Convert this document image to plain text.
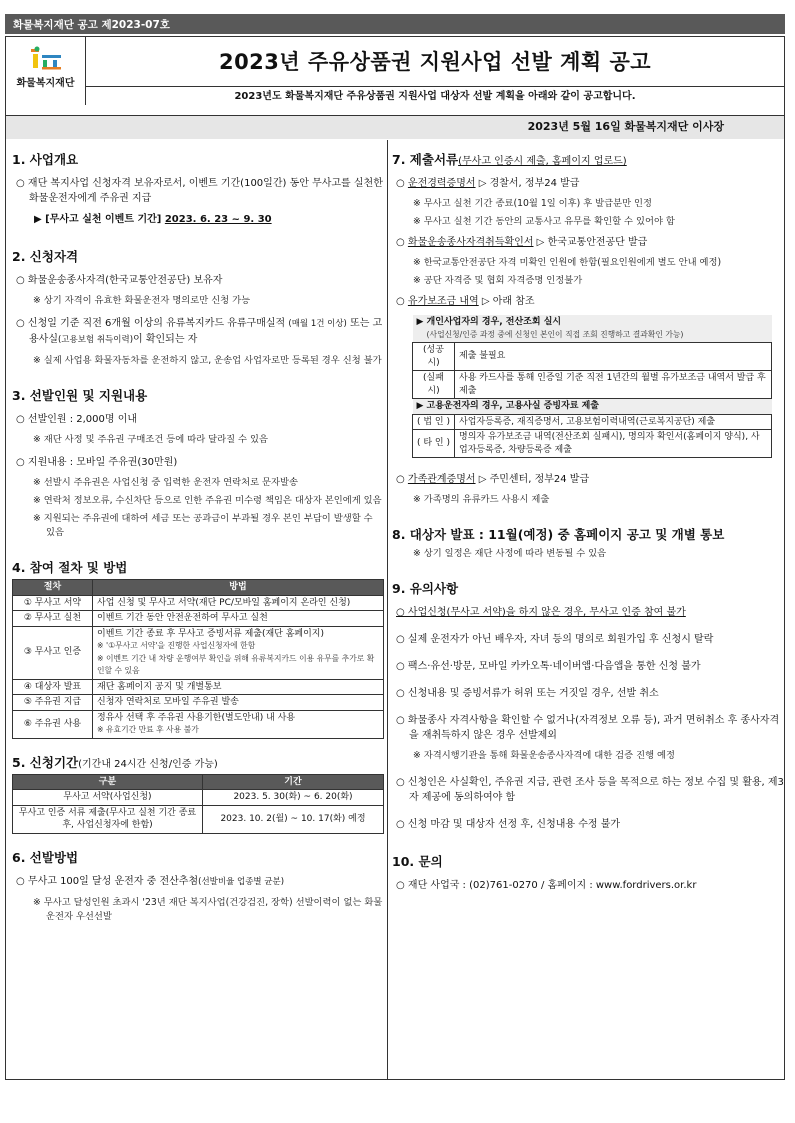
화물복지재단 공고 제2023-07호
화물복지재단
2023년 주유상품권 지원사업 선발 계획 공고
2023년도 화물복지재단 주유상품권 지원사업 대상자 선발 계획을 아래와 같이 공고합니다.
2023년 5월 16일 화물복지재단 이사장
1. 사업개요
○ 재단 복지사업 신청자격 보유자로서, 이벤트 기간(100일간) 동안 무사고를 실천한 화물운전자에게 주유권 지급
▶ [무사고 실천 이벤트 기간] 2023. 6. 23 ~ 9. 30
2. 신청자격
○ 화물운송종사자격(한국교통안전공단) 보유자
※ 상기 자격이 유효한 화물운전자 명의로만 신청 가능
○ 신청일 기준 직전 6개월 이상의 유류복지카드 유류구매실적 (매월 1건 이상) 또는 고용사실(고용보험 취득이력)이 확인되는 자
※ 실제 사업용 화물자동차를 운전하지 않고, 운송업 사업자로만 등록된 경우 신청 불가
3. 선발인원 및 지원내용
○ 선발인원 : 2,000명 이내
※ 재단 사정 및 주유권 구매조건 등에 따라 달라질 수 있음
○ 지원내용 : 모바일 주유권(30만원)
※ 선발시 주유권은 사업신청 중 입력한 운전자 연락처로 문자발송
※ 연락처 정보오류, 수신차단 등으로 인한 주유권 미수령 책임은 대상자 본인에게 있음
※ 지원되는 주유권에 대하여 세금 또는 공과금이 부과될 경우 본인 부담이 발생할 수 있음
4. 참여 절차 및 방법
절차	방법
① 무사고 서약	사업 신청 및 무사고 서약(재단 PC/모바일 홈페이지 온라인 신청)
② 무사고 실천	이벤트 기간 동안 안전운전하여 무사고 실천
③ 무사고 인증	이벤트 기간 종료 후 무사고 증빙서류 제출(재단 홈페이지)
※ '①무사고 서약'을 진행한 사업신청자에 한함
※ 이벤트 기간 내 차량 운행여부 확인을 위해 유류복지카드 이용 유무를 추가로 확인할 수 있음

④ 대상자 발표	재단 홈페이지 공지 및 개별통보
⑤ 주유권 지급	신청자 연락처로 모바일 주유권 발송
⑥ 주유권 사용	정유사 선택 후 주유권 사용기한(별도안내) 내 사용
※ 유효기간 만료 후 사용 불가
5. 신청기간(기간내 24시간 신청/인증 가능)
구분	기간
무사고 서약(사업신청)	2023. 5. 30(화) ~ 6. 20(화)
무사고 인증 서류 제출(무사고 실천 기간 종료 후, 사업신청자에 한함)	2023. 10. 2(월) ~ 10. 17(화) 예정
6. 선발방법
○ 무사고 100일 달성 운전자 중 전산추첨(선발비율 업종별 균분)
※ 무사고 달성인원 초과시 '23년 재단 복지사업(건강검진, 장학) 선발이력이 없는 화물운전자 우선선발
7. 제출서류(무사고 인증시 제출, 홈페이지 업로드)
○ 운전경력증명서 ▷ 경찰서, 정부24 발급
※ 무사고 실천 기간 종료(10월 1일 이후) 후 발급분만 인정
※ 무사고 실천 기간 동안의 교통사고 유무를 확인할 수 있어야 함
○ 화물운송종사자격취득확인서 ▷ 한국교통안전공단 발급
※ 한국교통안전공단 자격 미확인 인원에 한함(필요인원에게 별도 안내 예정)
※ 공단 자격증 및 협회 자격증명 인정불가
○ 유가보조금 내역 ▷ 아래 참조
▶ 개인사업자의 경우, 전산조회 실시
(사업신청/인증 과정 중에 신청인 본인이 직접 조회 진행하고 결과확인 가능)	

(성공시)	제출 불필요
(실패시)	사용 카드사를 통해 인증일 기준 직전 1년간의 월별 유가보조금 내역서 발급 후 제출
▶ 고용운전자의 경우, 고용사실 증빙자료 제출	
( 법 인 )	사업자등록증, 재직증명서, 고용보험이력내역(근로복지공단) 제출
( 타 인 )	명의자 유가보조금 내역(전산조회 실패시), 명의자 확인서(홈페이지 양식), 사업자등록증, 차량등록증 제출
○ 가족관계증명서 ▷ 주민센터, 정부24 발급
※ 가족명의 유류카드 사용시 제출
8. 대상자 발표 : 11월(예정) 중 홈페이지 공고 및 개별 통보
※ 상기 일정은 재단 사정에 따라 변동될 수 있음
9. 유의사항
○ 사업신청(무사고 서약)을 하지 않은 경우, 무사고 인증 참여 불가
○ 실제 운전자가 아닌 배우자, 자녀 등의 명의로 회원가입 후 신청시 탈락
○ 팩스·유선·방문, 모바일 카카오톡·네이버앱·다음앱을 통한 신청 불가
○ 신청내용 및 증빙서류가 허위 또는 거짓일 경우, 선발 취소
○ 화물종사 자격사항을 확인할 수 없거나(자격정보 오류 등), 과거 면허취소 후 종사자격을 재취득하지 않은 경우 선발제외
※ 자격시행기관을 통해 화물운송종사자격에 대한 검증 진행 예정
○ 신청인은 사실확인, 주유권 지급, 관련 조사 등을 목적으로 하는 정보 수집 및 활용, 제3자 제공에 동의하여야 함
○ 신청 마감 및 대상자 선정 후, 신청내용 수정 불가
10. 문의
○ 재단 사업국 : (02)761-0270 / 홈페이지 : www.fordrivers.or.kr
